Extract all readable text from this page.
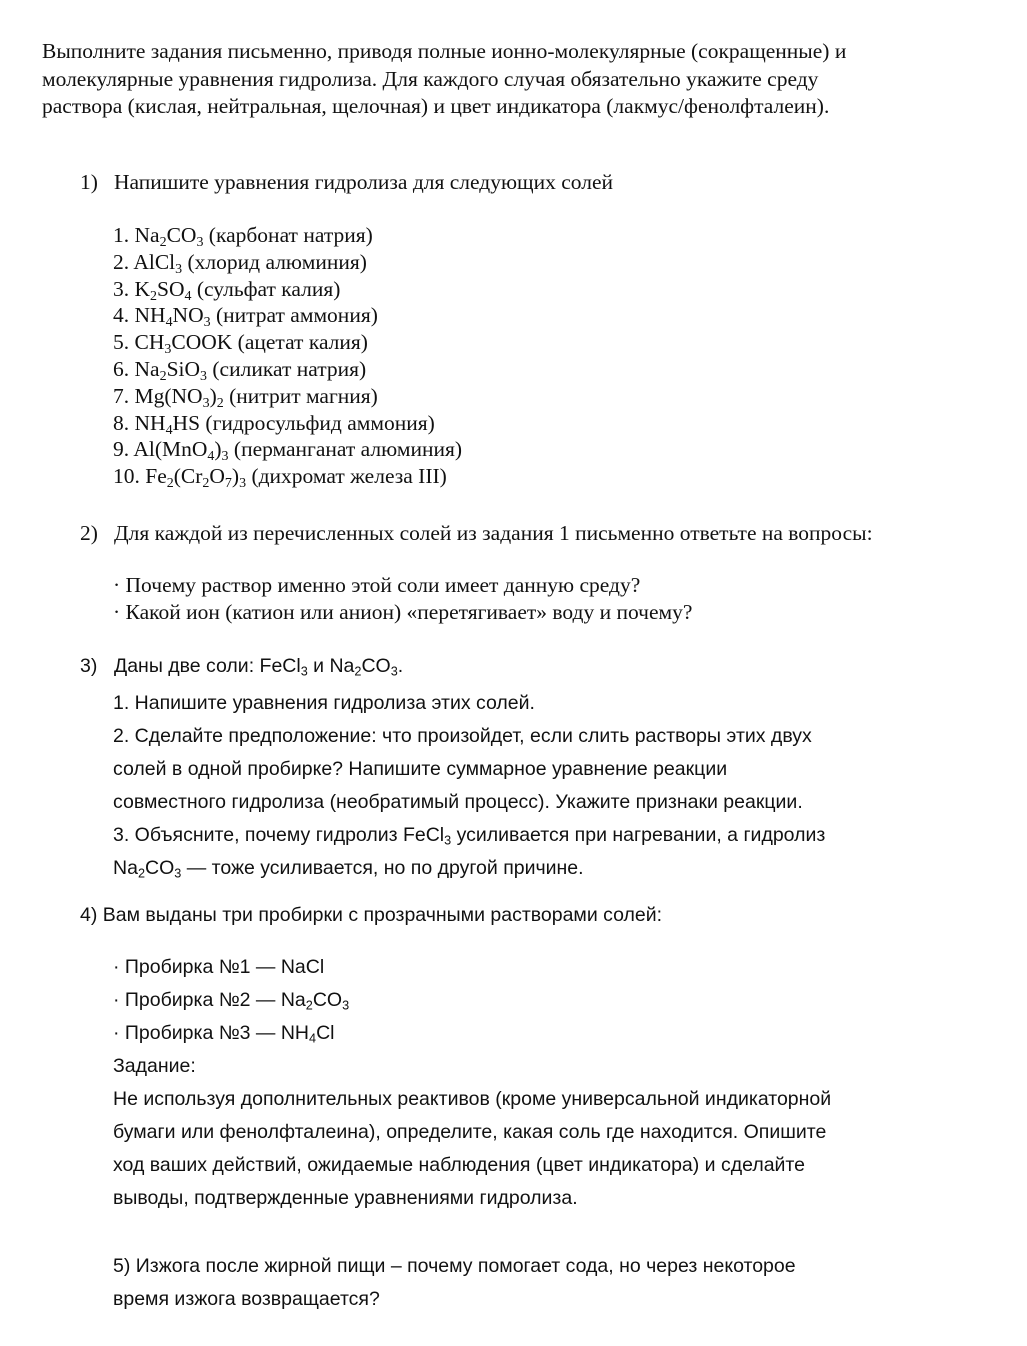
Выполните задания письменно, приводя полные ионно-молекулярные (сокращенные) и
молекулярные уравнения гидролиза. Для каждого случая обязательно укажите среду
раствора (кислая, нейтральная, щелочная) и цвет индикатора (лакмус/фенолфталеин).
1) Напишите уравнения гидролиза для следующих солей
1. $Na_2CO_3$ (карбонат натрия)
2. AlCl$_3$ (хлорид алюминия)
3. $K_2SO_4$ (сульфат калия)
4. $NH_4NO_3$ (нитрат аммония)
5. $CH_3COOK$ (ацетат калия)
6. $Na_2SiO_3$ (силикат натрия)
7. $Mg(NO_3)_2$ (нитрит магния)
8. $NH_4HS$ (гидросульфид аммония)
9. $Al(MnO_4)_3$ (перманганат алюминия)
10. $Fe_2(Cr_2O_7)_3$ (дихромат железа III)
2) Для каждой из перечисленных солей из задания 1 письменно ответьте на вопросы:
· Почему раствор именно этой соли имеет данную среду?
· Какой ион (катион или анион) «перетягивает» воду и почему?
3) Даны две соли: FeCl$_3$ и $Na_2CO_3$.
1. Напишите уравнения гидролиза этих солей.
2. Сделайте предположение: что произойдет, если слить растворы этих двух
солей в одной пробирке? Напишите суммарное уравнение реакции
совместного гидролиза (необратимый процесс). Укажите признаки реакции.
3. Объясните, почему гидролиз FeCl$_3$ усиливается при нагревании, а гидролиз
$Na_2CO_3$ — тоже усиливается, но по другой причине.
4) Вам выданы три пробирки с прозрачными растворами солей:
· Пробирка №1 — NaCl
· Пробирка №2 — $Na_2CO_3$
· Пробирка №3 — $NH_4Cl$
Задание:
Не используя дополнительных реактивов (кроме универсальной индикаторной
бумаги или фенолфталеина), определите, какая соль где находится. Опишите
ход ваших действий, ожидаемые наблюдения (цвет индикатора) и сделайте
выводы, подтвержденные уравнениями гидролиза.
5) Изжога после жирной пищи – почему помогает сода, но через некоторое
время изжога возвращается?
